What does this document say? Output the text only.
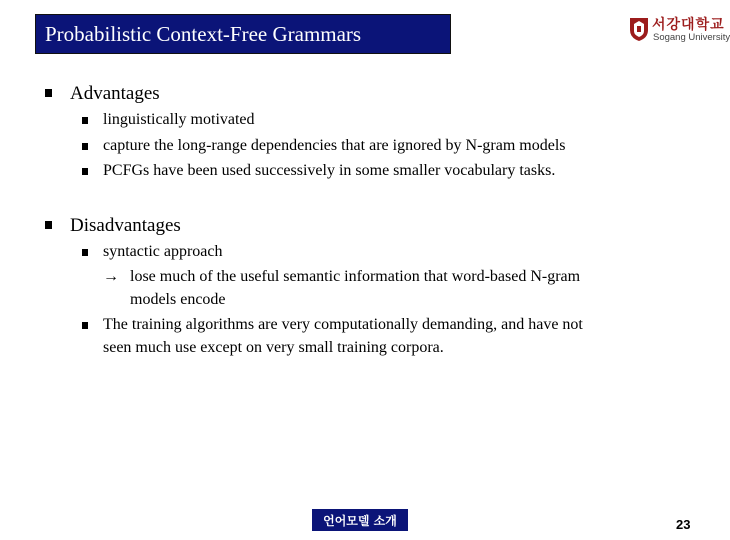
Probabilistic Context-Free Grammars	서강대학교
Sogang University
Advantages
linguistically motivated
capture the long-range dependencies that are ignored by N-gram models
PCFGs have been used successively in some smaller vocabulary tasks.
Disadvantages
syntactic approach
→ lose much of the useful semantic information that word-based N-gram
models encode
The training algorithms are very computationally demanding, and have not
seen much use except on very small training corpora.
언어모델 소개	23
